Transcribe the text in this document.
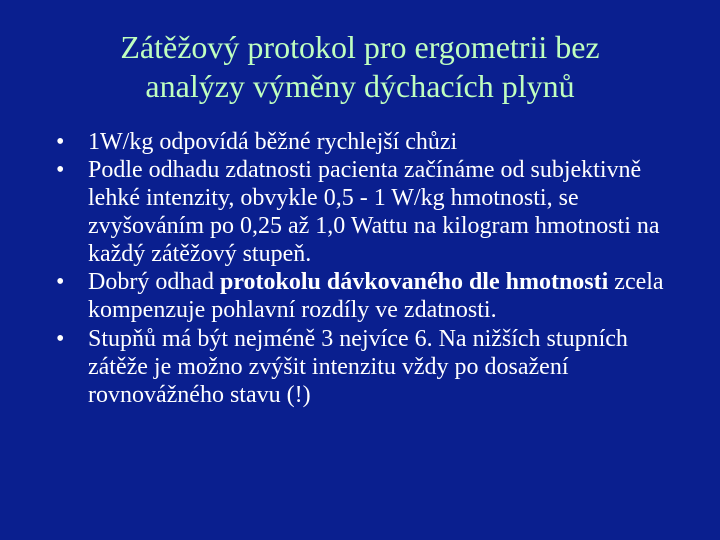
Zátěžový protokol pro ergometrii bez
analýzy výměny dýchacích plynů
• 1W/kg odpovídá běžné rychlejší chůzi
• Podle odhadu zdatnosti pacienta začínáme od subjektivně lehké intenzity, obvykle 0,5 - 1 W/kg hmotnosti, se zvyšováním po 0,25 až 1,0 Wattu na kilogram hmotnosti na každý zátěžový stupeň.
• Dobrý odhad protokolu dávkovaného dle hmotnosti zcela kompenzuje pohlavní rozdíly ve zdatnosti.
• Stupňů má být nejméně 3 nejvíce 6. Na nižších stupních zátěže je možno zvýšit intenzitu vždy po dosažení rovnovážného stavu (!)
